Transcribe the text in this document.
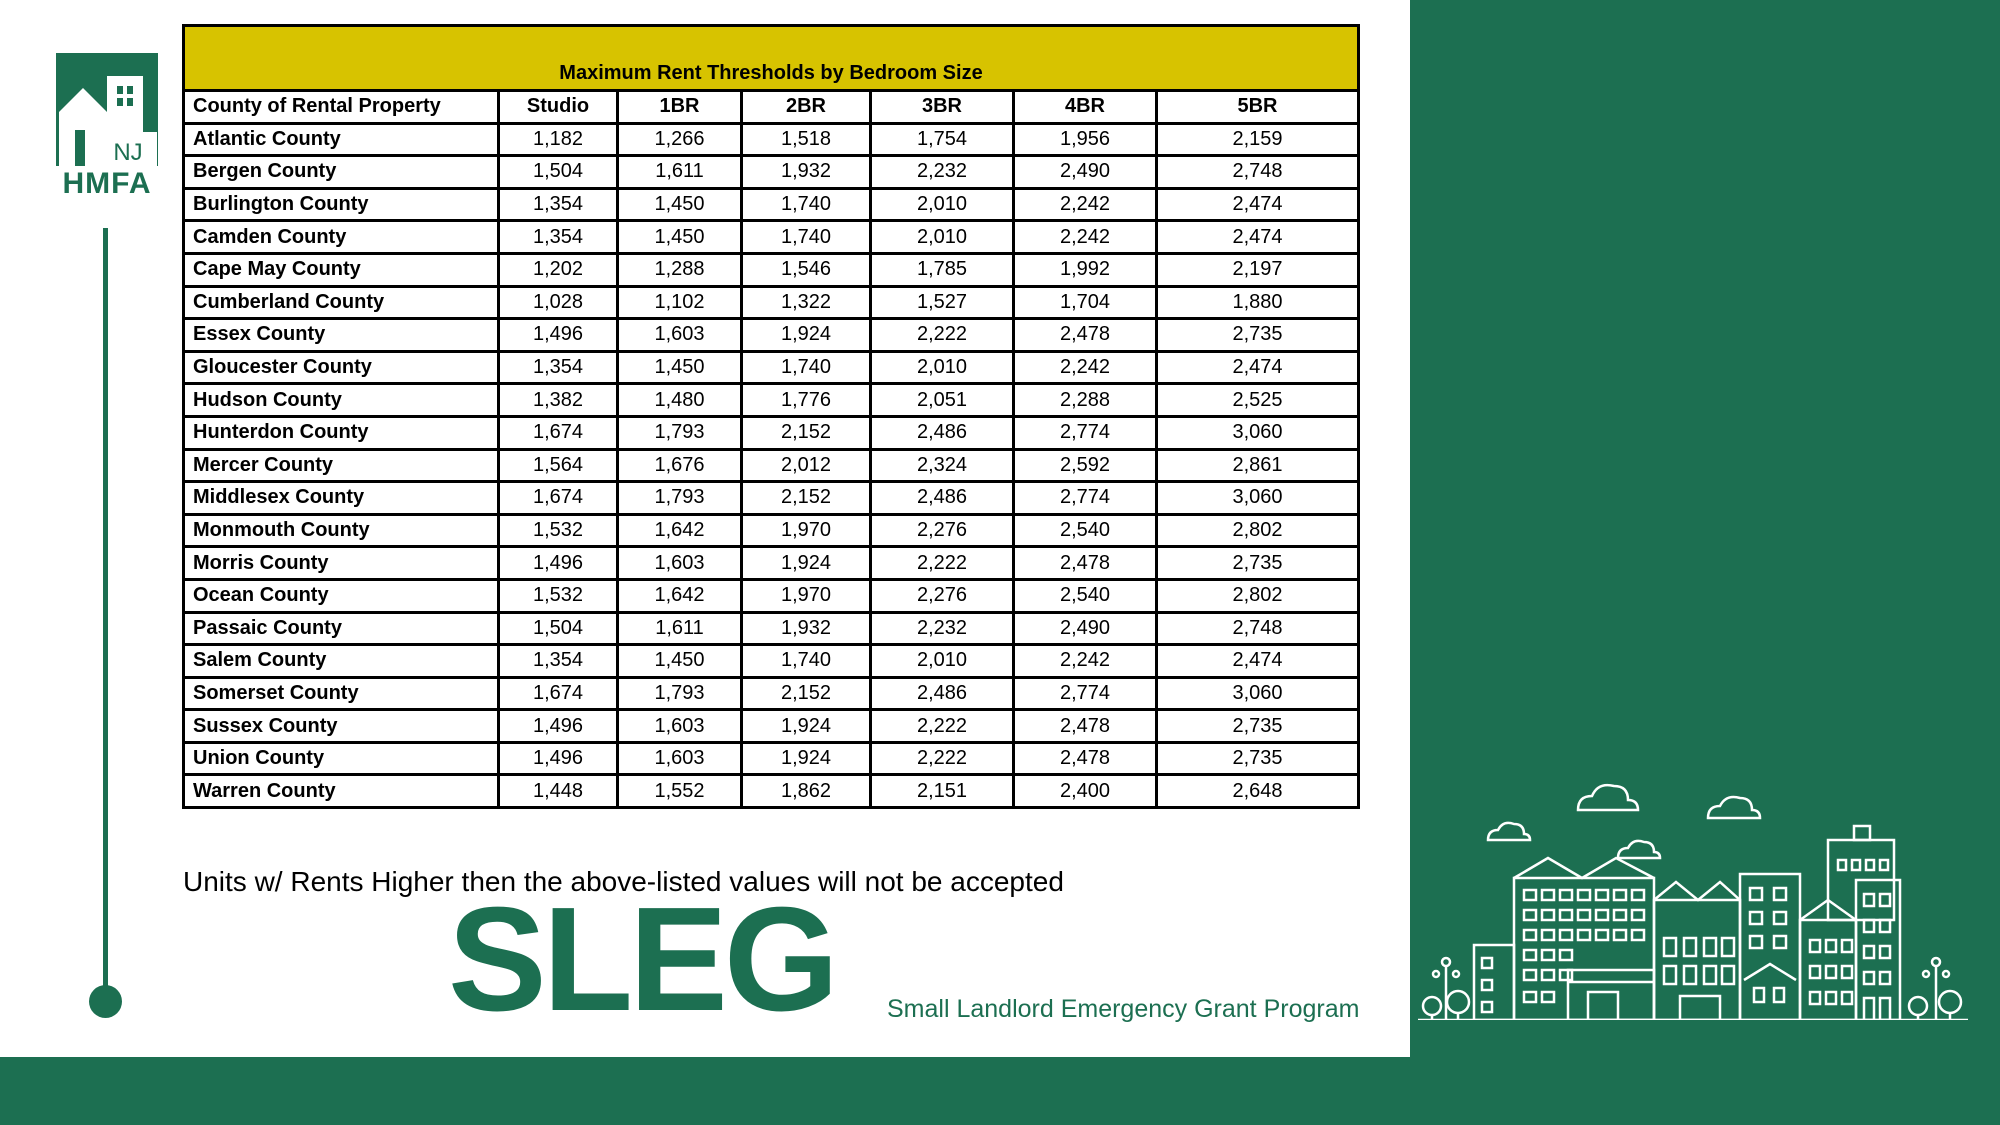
NJ
HMFA
Maximum Rent Thresholds by Bedroom Size						
County of Rental Property	Studio	1BR	2BR	3BR	4BR	5BR
Atlantic County	1,182	1,266	1,518	1,754	1,956	2,159
Bergen County	1,504	1,611	1,932	2,232	2,490	2,748
Burlington County	1,354	1,450	1,740	2,010	2,242	2,474
Camden County	1,354	1,450	1,740	2,010	2,242	2,474
Cape May County	1,202	1,288	1,546	1,785	1,992	2,197
Cumberland County	1,028	1,102	1,322	1,527	1,704	1,880
Essex County	1,496	1,603	1,924	2,222	2,478	2,735
Gloucester County	1,354	1,450	1,740	2,010	2,242	2,474
Hudson County	1,382	1,480	1,776	2,051	2,288	2,525
Hunterdon County	1,674	1,793	2,152	2,486	2,774	3,060
Mercer County	1,564	1,676	2,012	2,324	2,592	2,861
Middlesex County	1,674	1,793	2,152	2,486	2,774	3,060
Monmouth County	1,532	1,642	1,970	2,276	2,540	2,802
Morris County	1,496	1,603	1,924	2,222	2,478	2,735
Ocean County	1,532	1,642	1,970	2,276	2,540	2,802
Passaic County	1,504	1,611	1,932	2,232	2,490	2,748
Salem County	1,354	1,450	1,740	2,010	2,242	2,474
Somerset County	1,674	1,793	2,152	2,486	2,774	3,060
Sussex County	1,496	1,603	1,924	2,222	2,478	2,735
Union County	1,496	1,603	1,924	2,222	2,478	2,735
Warren County	1,448	1,552	1,862	2,151	2,400	2,648
Units w/ Rents Higher then the above-listed values will not be accepted
SLEG Small Landlord Emergency Grant Program
